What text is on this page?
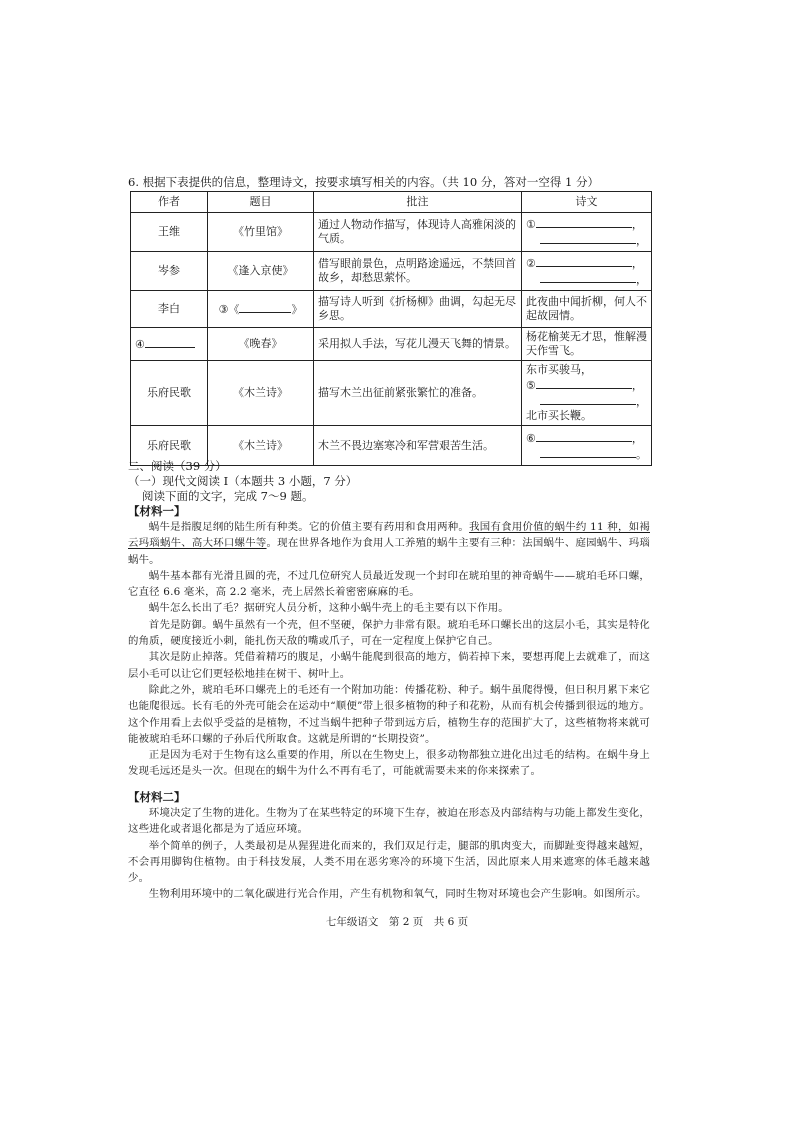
6. 根据下表提供的信息，整理诗文，按要求填写相关的内容。（共 10 分，答对一空得 1 分）
作者	题目	批注	诗文
王维	《竹里馆》	通过人物动作描写，体现诗人高雅闲淡的气质。	① ，
，
岑参	《逢入京使》	借写眼前景色，点明路途遥远，不禁回首故乡，却愁思萦怀。	② ，
，
李白	③《 》	描写诗人听到《折杨柳》曲调，勾起无尽乡思。	此夜曲中闻折柳，何人不起故园情。
④	《晚春》	采用拟人手法，写花儿漫天飞舞的情景。	杨花榆荚无才思，惟解漫天作雪飞。
乐府民歌	《木兰诗》	描写木兰出征前紧张繁忙的准备。	东市买骏马，
⑤ ，
，
北市买长鞭。
乐府民歌	《木兰诗》	木兰不畏边塞寒冷和军营艰苦生活。	⑥ ，
。
二、阅读（39 分）
（一）现代文阅读 I（本题共 3 小题，7 分）
阅读下面的文字，完成 7～9 题。
【材料一】

蜗牛是指腹足纲的陆生所有种类。它的价值主要有药用和食用两种。我国有食用价值的蜗牛约 11 种，如褐云玛瑙蜗牛、高大环口螺牛等。现在世界各地作为食用人工养殖的蜗牛主要有三种：法国蜗牛、庭园蜗牛、玛瑙蜗牛。

蜗牛基本都有光滑且圆的壳，不过几位研究人员最近发现一个封印在琥珀里的神奇蜗牛——琥珀毛环口螺，它直径 6.6 毫米，高 2.2 毫米，壳上居然长着密密麻麻的毛。

蜗牛怎么长出了毛？据研究人员分析，这种小蜗牛壳上的毛主要有以下作用。

首先是防御。蜗牛虽然有一个壳，但不坚硬，保护力非常有限。琥珀毛环口螺长出的这层小毛，其实是特化的角质，硬度接近小刺，能扎伤天敌的嘴或爪子，可在一定程度上保护它自己。

其次是防止掉落。凭借着精巧的腹足，小蜗牛能爬到很高的地方，倘若掉下来，要想再爬上去就难了，而这层小毛可以让它们更轻松地挂在树干、树叶上。

除此之外，琥珀毛环口螺壳上的毛还有一个附加功能：传播花粉、种子。蜗牛虽爬得慢，但日积月累下来它也能爬很远。长有毛的外壳可能会在运动中“顺便”带上很多植物的种子和花粉，从而有机会传播到很远的地方。这个作用看上去似乎受益的是植物，不过当蜗牛把种子带到远方后，植物生存的范围扩大了，这些植物将来就可能被琥珀毛环口螺的子孙后代所取食。这就是所谓的“长期投资”。

正是因为毛对于生物有这么重要的作用，所以在生物史上，很多动物都独立进化出过毛的结构。在蜗牛身上发现毛远还是头一次。但现在的蜗牛为什么不再有毛了，可能就需要未来的你来探索了。

【材料二】

环境决定了生物的进化。生物为了在某些特定的环境下生存，被迫在形态及内部结构与功能上都发生变化，这些进化或者退化都是为了适应环境。

举个简单的例子，人类最初是从猩猩进化而来的，我们双足行走，腿部的肌肉变大，而脚趾变得越来越短，不会再用脚钩住植物。由于科技发展，人类不用在恶劣寒冷的环境下生活，因此原来人用来遮寒的体毛越来越少。

生物利用环境中的二氧化碳进行光合作用，产生有机物和氧气，同时生物对环境也会产生影响。如图所示。

七年级语文　第 2 页　共 6 页
